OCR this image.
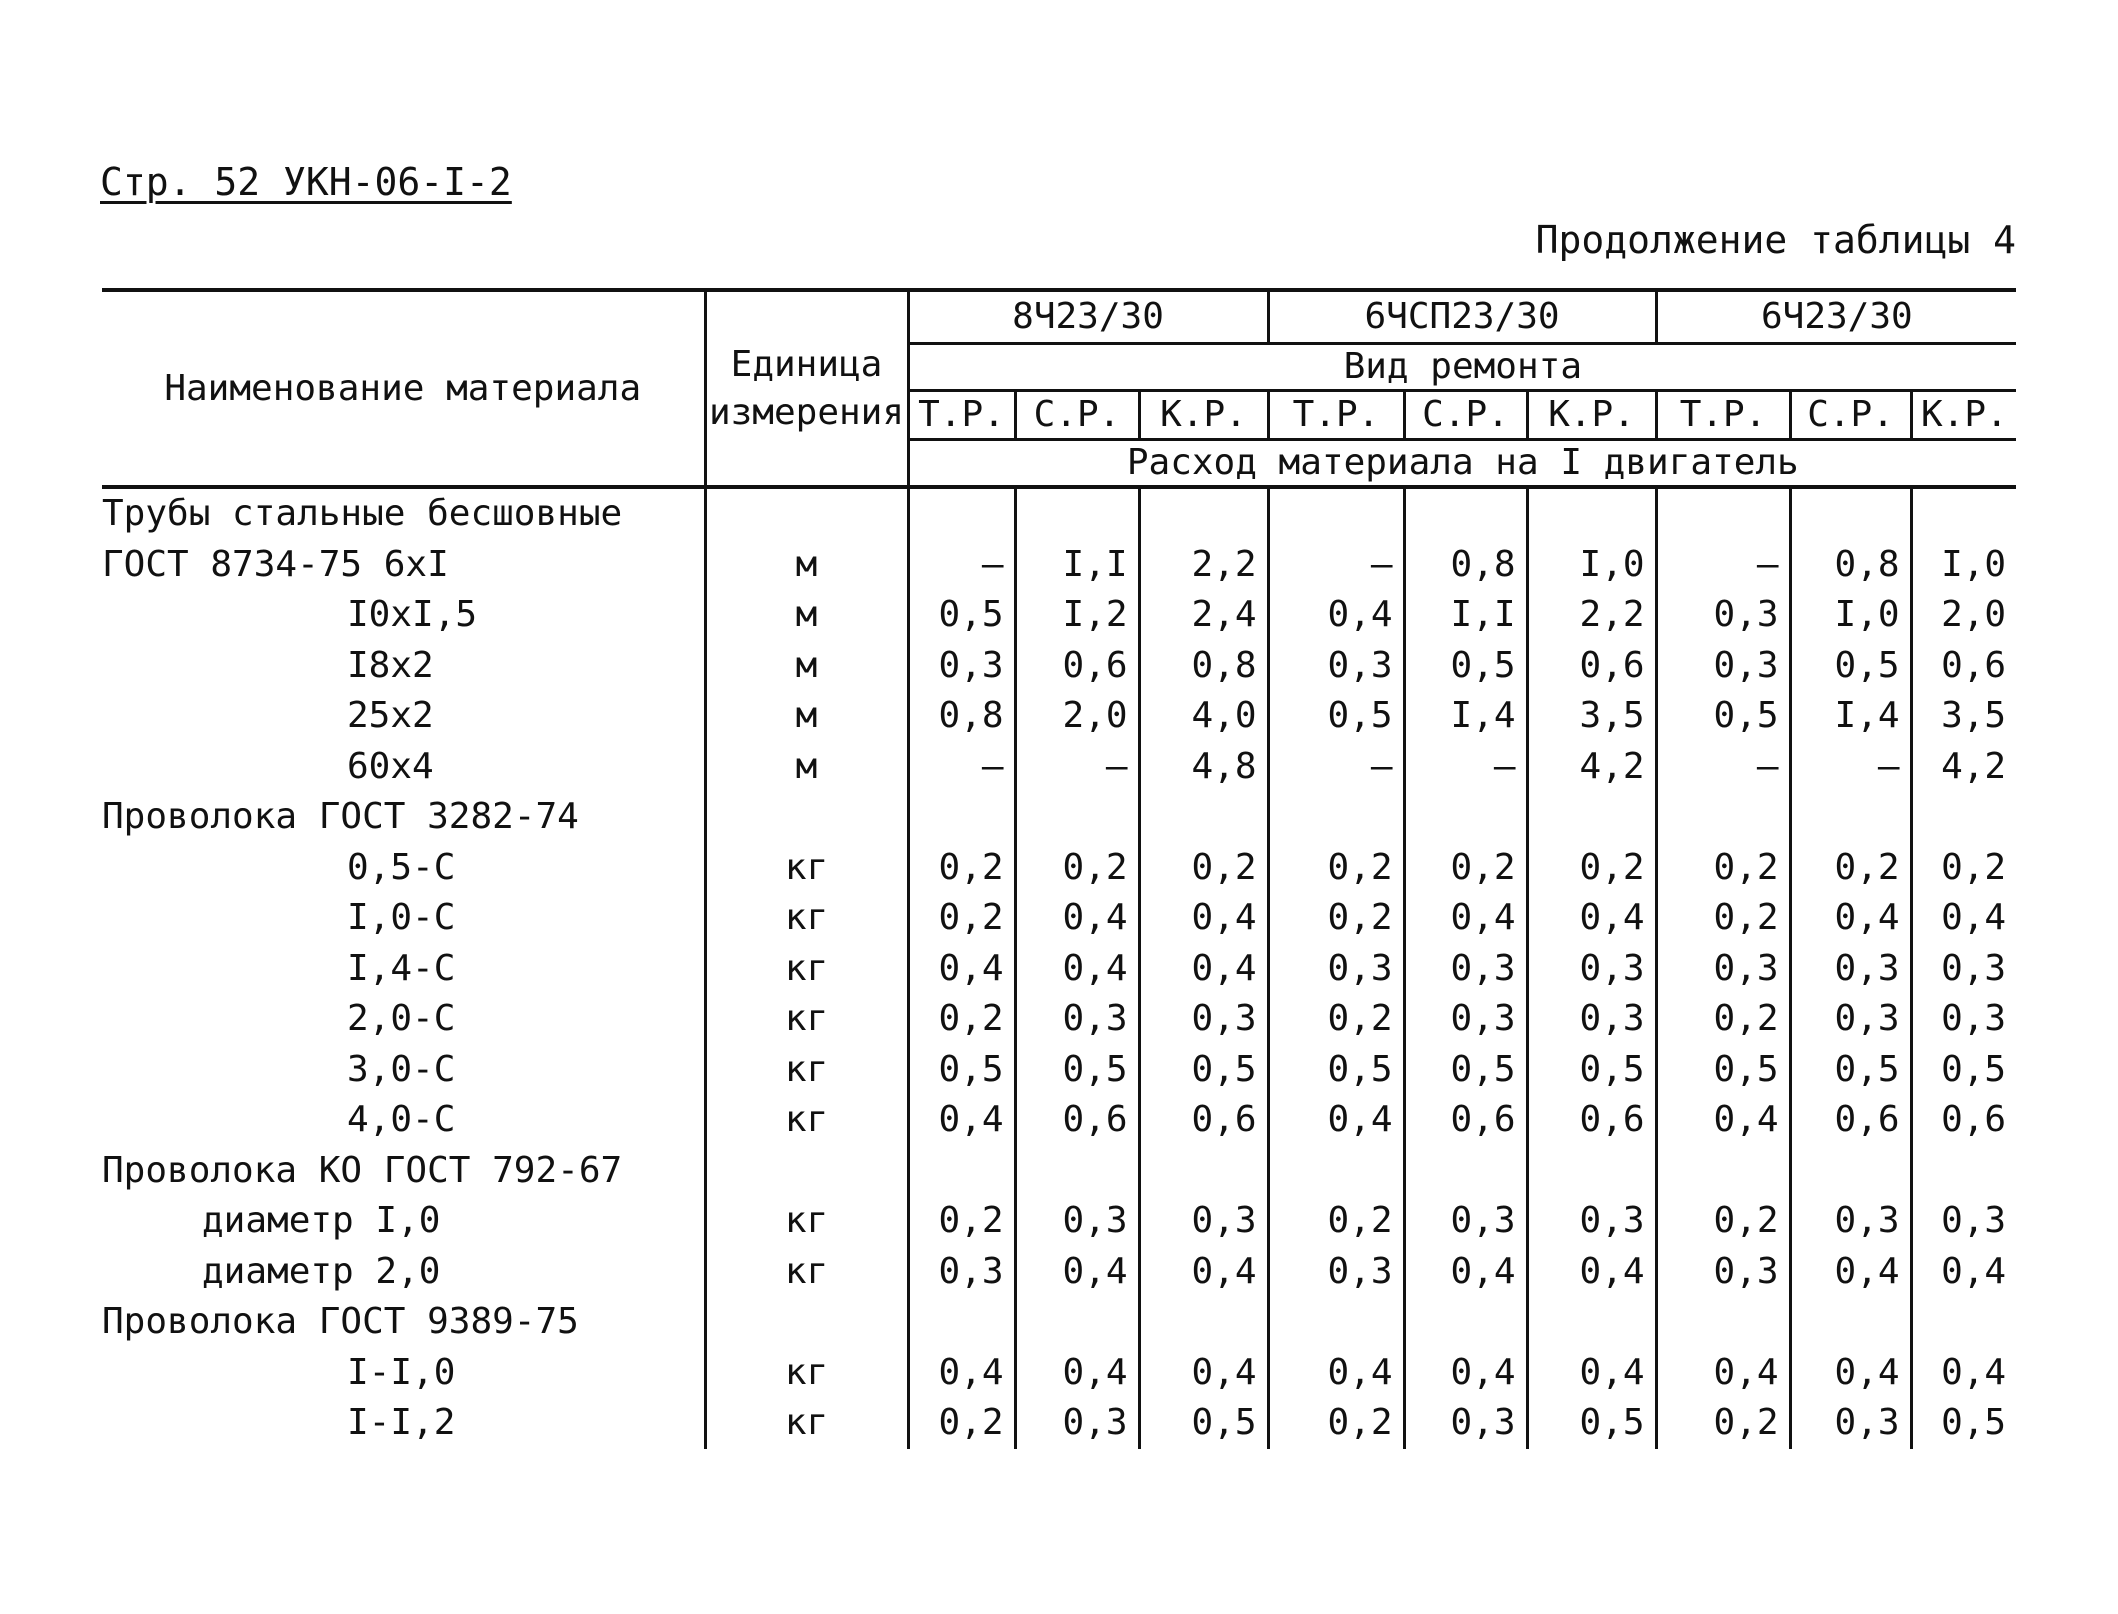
Стр. 52 УКН-06-I-2
Продолжение таблицы 4
Наименование материала	Единица измерения	8Ч23/30			6ЧСП23/30			6Ч23/30		
		Вид ремонта								
		Т.Р.	С.Р.	К.Р.	Т.Р.	С.Р.	К.Р.	Т.Р.	С.Р.	К.Р.
		Расход материала на I двигатель								
Трубы стальные бесшовные										
ГОСТ 8734-75 6хI	м	–	I,I	2,2	–	0,8	I,0	–	0,8	I,0
I0хI,5	м	0,5	I,2	2,4	0,4	I,I	2,2	0,3	I,0	2,0
I8х2	м	0,3	0,6	0,8	0,3	0,5	0,6	0,3	0,5	0,6
25х2	м	0,8	2,0	4,0	0,5	I,4	3,5	0,5	I,4	3,5
60х4	м	–	–	4,8	–	–	4,2	–	–	4,2
Проволока ГОСТ 3282-74										
0,5-С	кг	0,2	0,2	0,2	0,2	0,2	0,2	0,2	0,2	0,2
I,0-С	кг	0,2	0,4	0,4	0,2	0,4	0,4	0,2	0,4	0,4
I,4-С	кг	0,4	0,4	0,4	0,3	0,3	0,3	0,3	0,3	0,3
2,0-С	кг	0,2	0,3	0,3	0,2	0,3	0,3	0,2	0,3	0,3
3,0-С	кг	0,5	0,5	0,5	0,5	0,5	0,5	0,5	0,5	0,5
4,0-С	кг	0,4	0,6	0,6	0,4	0,6	0,6	0,4	0,6	0,6
Проволока КО ГОСТ 792-67										
диаметр I,0	кг	0,2	0,3	0,3	0,2	0,3	0,3	0,2	0,3	0,3
диаметр 2,0	кг	0,3	0,4	0,4	0,3	0,4	0,4	0,3	0,4	0,4
Проволока ГОСТ 9389-75										
I-I,0	кг	0,4	0,4	0,4	0,4	0,4	0,4	0,4	0,4	0,4
I-I,2	кг	0,2	0,3	0,5	0,2	0,3	0,5	0,2	0,3	0,5
